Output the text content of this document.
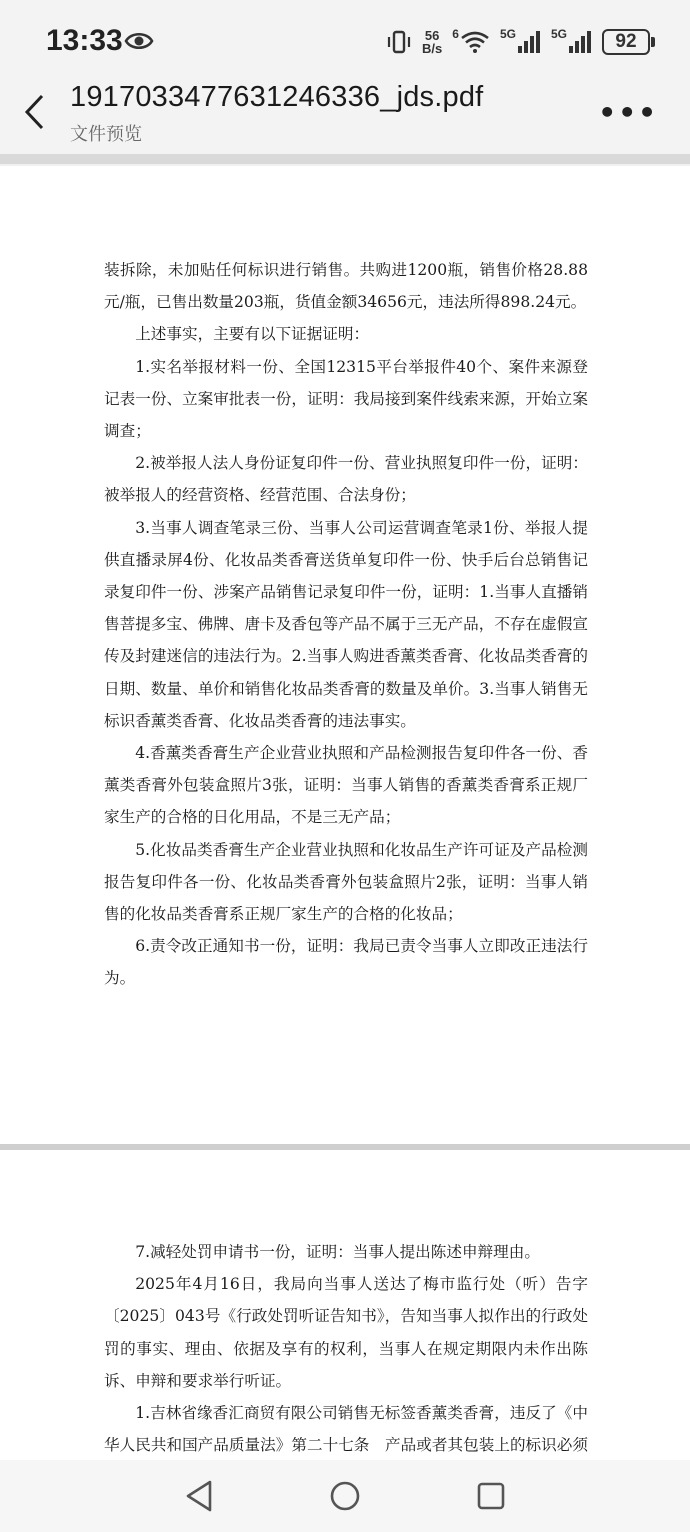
13:33	56
B/s
6	5G	5G	92
1917033477631246336_jds.pdf
文件预览
•••

装拆除，未加贴任何标识进行销售。共购进1200瓶，销售价格28.88元/瓶，已售出数量203瓶，货值金额34656元，违法所得898.24元。

上述事实，主要有以下证据证明：

1.实名举报材料一份、全国12315平台举报件40个、案件来源登记表一份、立案审批表一份，证明：我局接到案件线索来源，开始立案调查；

2.被举报人法人身份证复印件一份、营业执照复印件一份，证明：被举报人的经营资格、经营范围、合法身份；

3.当事人调查笔录三份、当事人公司运营调查笔录1份、举报人提供直播录屏4份、化妆品类香膏送货单复印件一份、快手后台总销售记录复印件一份、涉案产品销售记录复印件一份，证明：1.当事人直播销售菩提多宝、佛牌、唐卡及香包等产品不属于三无产品，不存在虚假宣传及封建迷信的违法行为。2.当事人购进香薰类香膏、化妆品类香膏的日期、数量、单价和销售化妆品类香膏的数量及单价。3.当事人销售无标识香薰类香膏、化妆品类香膏的违法事实。

4.香薰类香膏生产企业营业执照和产品检测报告复印件各一份、香薰类香膏外包装盒照片3张，证明：当事人销售的香薰类香膏系正规厂家生产的合格的日化用品，不是三无产品；

5.化妆品类香膏生产企业营业执照和化妆品生产许可证及产品检测报告复印件各一份、化妆品类香膏外包装盒照片2张，证明：当事人销售的化妆品类香膏系正规厂家生产的合格的化妆品；

6.责令改正通知书一份，证明：我局已责令当事人立即改正违法行为。

7.减轻处罚申请书一份，证明：当事人提出陈述申辩理由。

2025年4月16日，我局向当事人送达了梅市监行处（听）告字〔2025〕043号《行政处罚听证告知书》，告知当事人拟作出的行政处罚的事实、理由、依据及享有的权利，当事人在规定期限内未作出陈诉、申辩和要求举行听证。

1.吉林省缘香汇商贸有限公司销售无标签香薰类香膏，违反了《中华人民共和国产品质量法》第二十七条　产品或者其包装上的标识必须
